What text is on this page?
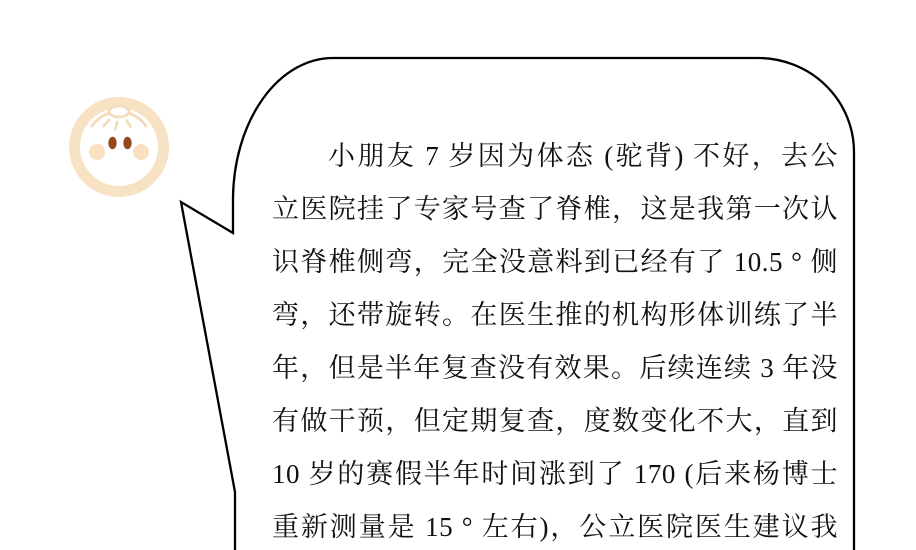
小朋友 7 岁因为体态 (驼背) 不好，去公
立医院挂了专家号查了脊椎，这是我第一次认
识脊椎侧弯，完全没意料到已经有了 10.5 ° 侧
弯，还带旋转。在医生推的机构形体训练了半
年，但是半年复查没有效果。后续连续 3 年没
有做干预，但定期复查，度数变化不大，直到
10 岁的赛假半年时间涨到了 170 (后来杨博士
重新测量是 15 ° 左右)，公立医院医生建议我
